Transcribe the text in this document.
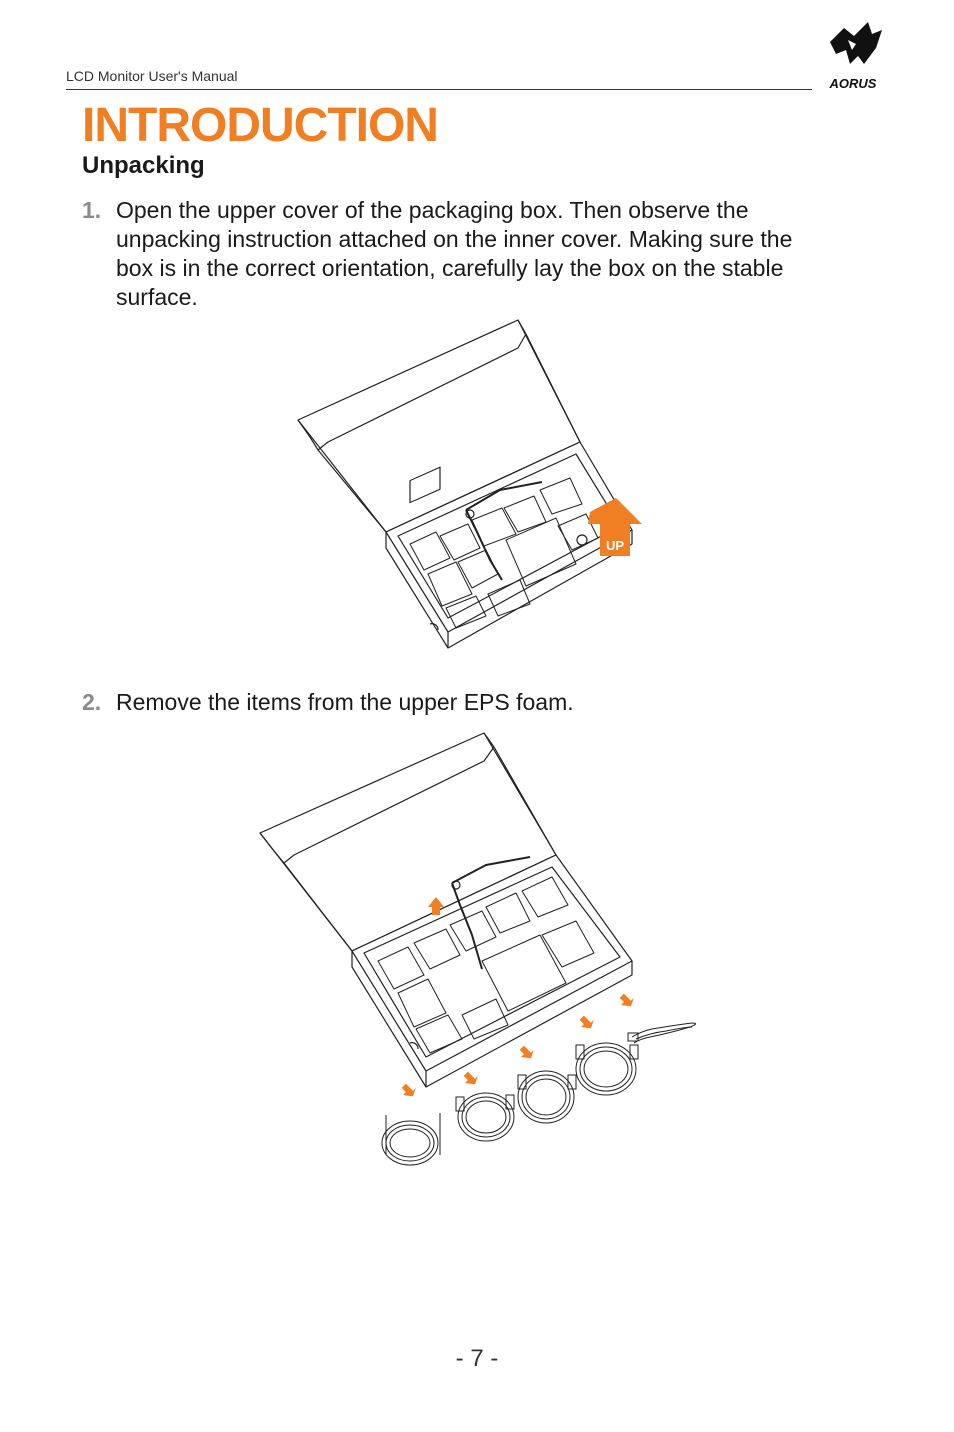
LCD Monitor User's Manual	AORUS
INTRODUCTION
Unpacking
1. Open the upper cover of the packaging box. Then observe the unpacking instruction attached on the inner cover. Making sure the box is in the correct orientation, carefully lay the box on the stable surface.
UP
2. Remove the items from the upper EPS foam.
- 7 -
